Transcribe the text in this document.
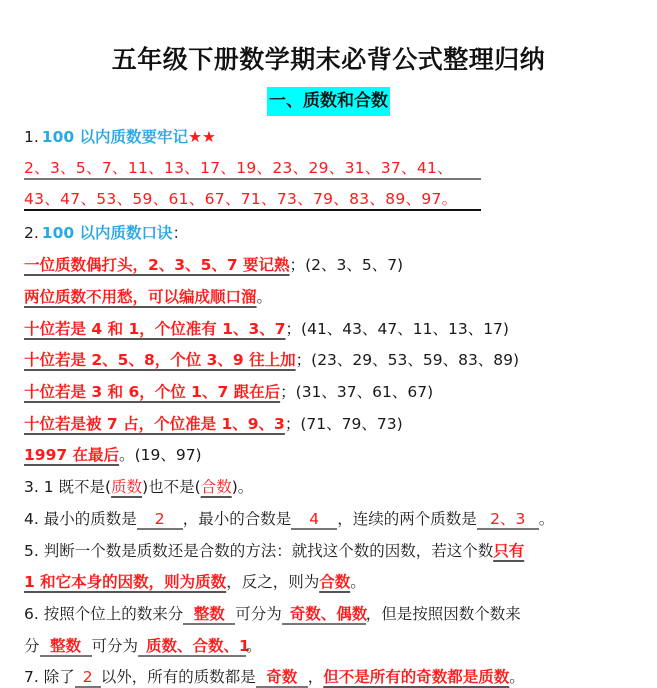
五年级下册数学期末必背公式整理归纳
一、质数和合数
1. 100 以内质数要牢记★★
2、3、5、7、11、13、17、19、23、29、31、37、41、
43、47、53、59、61、67、71、73、79、83、89、97。
2. 100 以内质数口诀：
一位质数偶打头，2、3、5、7 要记熟；(2、3、5、7)
两位质数不用愁，可以编成顺口溜。
十位若是 4 和 1，个位准有 1、3、7；(41、43、47、11、13、17)
十位若是 2、5、8，个位 3、9 往上加；(23、29、53、59、83、89)
十位若是 3 和 6，个位 1、7 跟在后；(31、37、61、67)
十位若是被 7 占，个位准是 1、9、3；(71、79、73)
1997 在最后。(19、97)
3. 1 既不是(质数)也不是(合数)。
4. 最小的质数是 2 ，最小的合数是 4 ，连续的两个质数是 2、3 。
5. 判断一个数是质数还是合数的方法：就找这个数的因数，若这个数只有
1 和它本身的因数，则为质数，反之，则为合数。
6. 按照个位上的数来分 整数 可分为 奇数、偶数，但是按照因数个数来
分 整数 可分为 质数、合数、1。
7. 除了 2 以外，所有的质数都是 奇数 ，但不是所有的奇数都是质数。
